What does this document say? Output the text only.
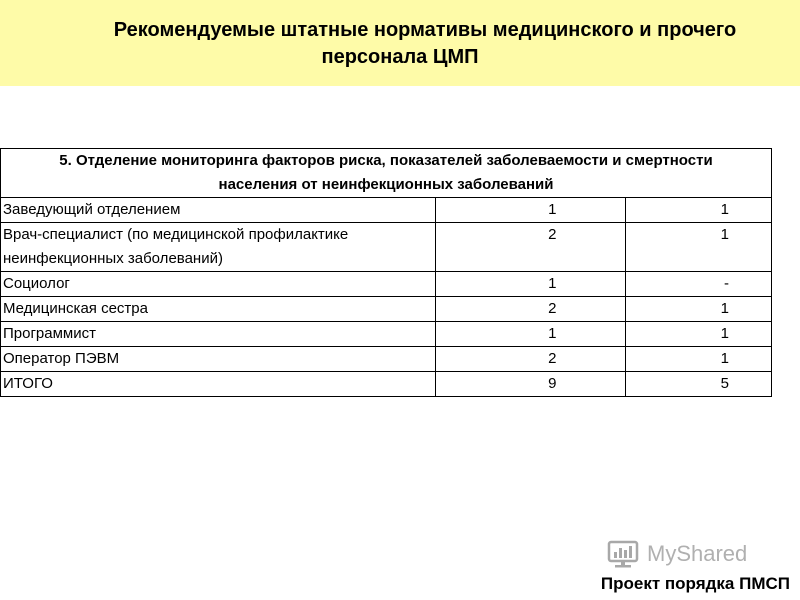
Рекомендуемые штатные нормативы медицинского и прочего
персонала ЦМП
5. Отделение мониторинга факторов риска, показателей заболеваемости и смертности
населения от неинфекционных заболеваний		

Заведующий отделением	1	1

Врач-специалист (по медицинской профилактике
неинфекционных заболеваний)	2	1
Социолог	1	-
Медицинская сестра	2	1
Программист	1	1
Оператор ПЭВМ	2	1
ИТОГО	9	5
MyShared
Проект порядка ПМСП
